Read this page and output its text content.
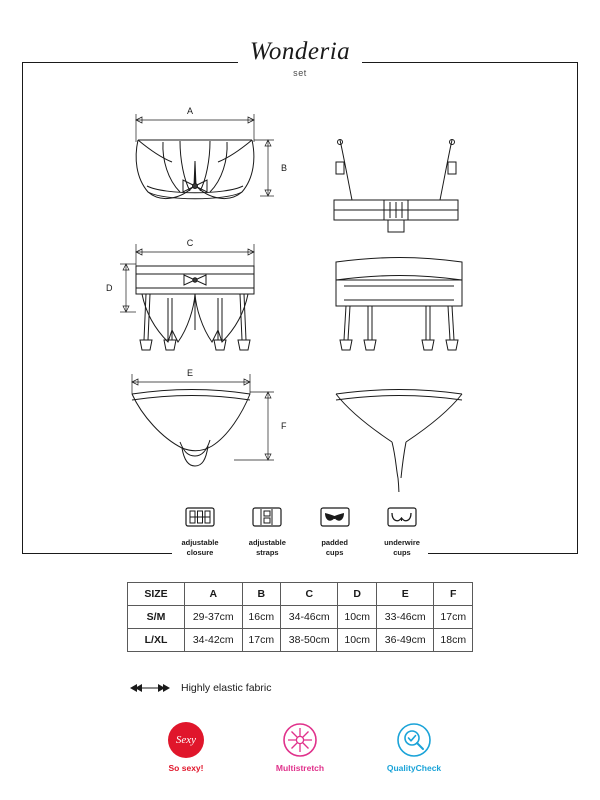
Wonderia
set
A
B
C
D
E
F
adjustable
closure
adjustable
straps
padded
cups
underwire
cups
SIZE	A	B	C	D	E	F
S/M	29-37cm	16cm	34-46cm	10cm	33-46cm	17cm
L/XL	34-42cm	17cm	38-50cm	10cm	36-49cm	18cm
Highly elastic fabric
Sexy
So sexy!	Multistretch	QualityCheck
